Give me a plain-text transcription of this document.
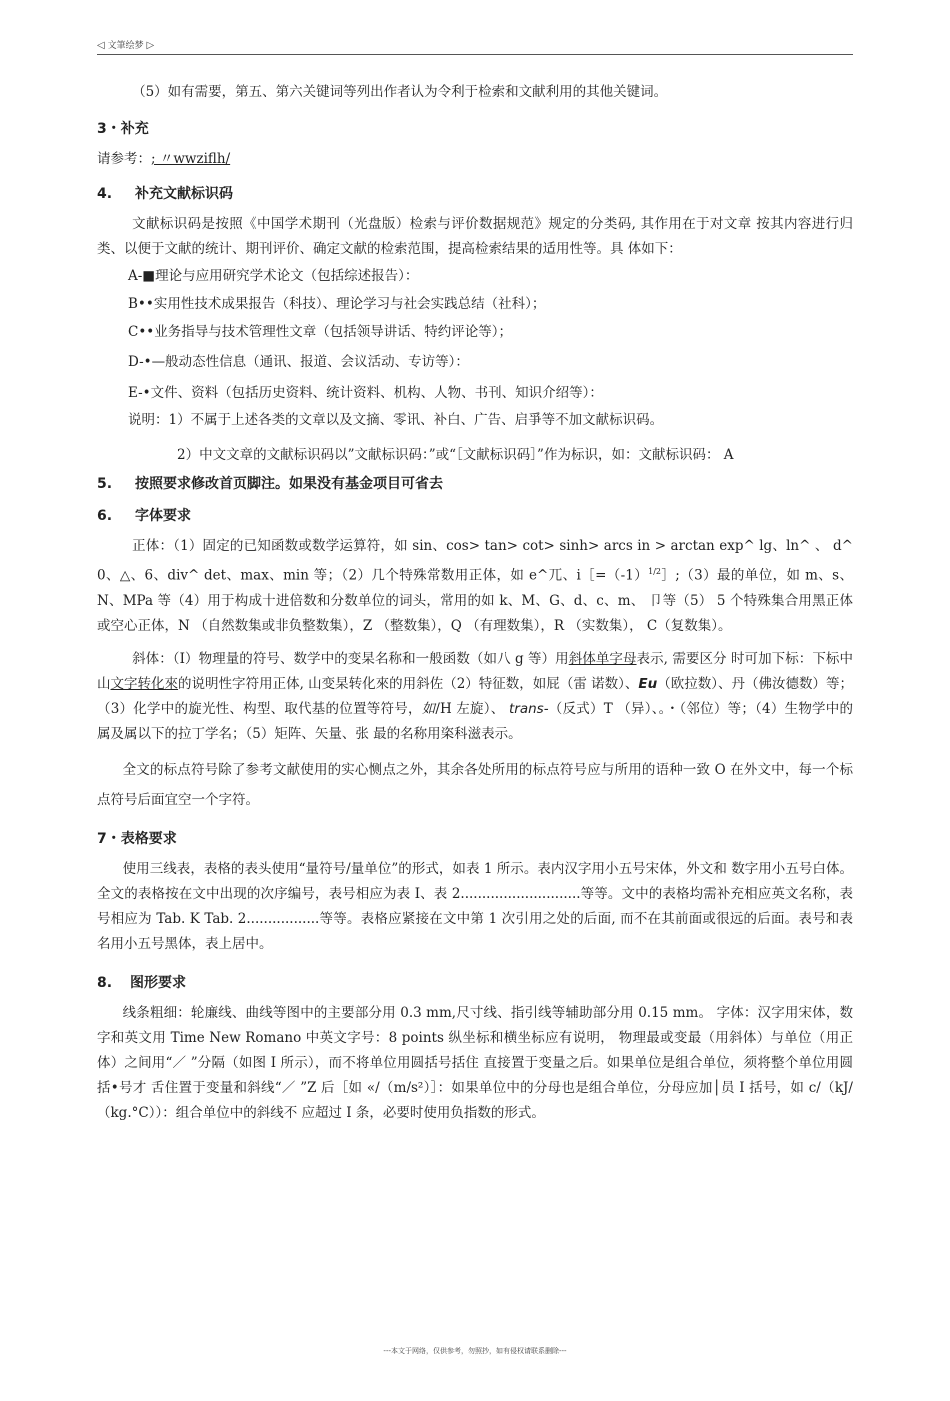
◁ 文筆绘梦 ▷

（5）如有需要，第五、第六关键词等列出作者认为令利于检索和文献利用的其他关键词。

3・补充

请参考：; 〃wwziflh/

4. 补充文献标识码

文献标识码是按照《中国学术期刊（光盘版）检索与评价数据规范》规定的分类码, 其作用在于对文章 按其内容进行归类、以便于文献的统计、期刊评价、确定文献的检索范围，提高检索结果的适用性等。具 体如下：

A-■理论与应用研究学术论文（包括综述报告）：

B••实用性技术成果报告（科技）、理论学习与社会实践总结（社科）；

C••业务指导与技术管理性文章（包括领导讲话、特约评论等）；

D-•—般动态性信息（通讯、报道、会议活动、专访等）：

E-•文件、资料（包括历史资料、统计资料、机构、人物、书刊、知识介绍等）：

说明：1）不属于上述各类的文章以及文摘、零讯、补白、广告、启爭等不加文献标识码。

2）中文文章的文献标识码以”文献标识码：”或“［文献标识码］”作为标识，如：文献标识码： A

5. 按照要求修改首页脚注。如果没有基金项目可省去
6. 字体要求

正体：（1）固定的已知函数或数学运算符，如 sin、cos> tan> cot> sinh> arcs in > arctan exp^ lg、ln^ 、 d^ 0、△、6、div^ det、max、min 等；（2）几个特殊常数用正体，如 e^兀、$i[=(-1)^{1/2}];(3)$最的单位，如 m、s、N、MPa 等（4）用于构成十进倍数和分数单位的词头，常用的如 k、M、G、d、c、m、 卩等（5） 5 个特殊集合用黑正体或空心正体，N （自然数集或非负整数集），Z （整数集），Q （有理数集），R （实数集）， C（复数集）。

斜体：（I）物理量的符号、数学中的变杲名称和一般函数（如八 g 等）用斜体单字母表示, 需要区分 时可加下标：下标中山文字转化來的说明性字符用正体, 山变杲转化來的用斜佐（2）特征数，如屁（雷 诺数）、Eu（欧拉数）、丹（佛汝德数）等；（3）化学中的旋光性、构型、取代基的位置等符号，如/H 左旋）、 trans-（反式）T （异）、。・（邻位）等；（4）生物学中的属及属以下的拉丁学名；（5）矩阵、矢量、张 最的名称用栥科滋表示。

全文的标点符号除了参考文献使用的实心恻点之外，其余各处所用的标点符号应与所用的语种一致 O 在外文中，每一个标点符号后面宜空一个字符。

7・表格要求

使用三线表，表格的表头使用“量符号/量单位”的形式，如表 1 所示。表内汉字用小五号宋体，外文和 数字用小五号白体。全文的表格按在文中出现的次序编号，表号相应为表 I、表 2............................等等。文中的表格均需补充相应英文名称，表号相应为 Tab. K Tab. 2.................等等。表格应紧接在文中第 1 次引用之处的后面, 而不在其前面或很远的后面。表号和表名用小五号黑体，表上居中。

8. 图形要求

线条粗细：轮廉线、曲线等图中的主要部分用 0.3 mm,尺寸线、指引线等辅助部分用 0.15 mm。 字体：汉字用宋体，数字和英文用 Time New Romano 中英文字号：8 points 纵坐标和横坐标应有说明， 物理最或变最（用斜体）与单位（用正体）之间用“／ ”分隔（如图 I 所示），而不将单位用圆括号括住 直接置于变量之后。如果单位是组合单位，须将整个单位用圆括•号才 舌住置于变量和斜线“／ ”Z 后［如 «/（m/s²）］：如果单位中的分母也是组合单位，分母应加│员 I 括号，如 c/（kJ/（kg.°C））：组合单位中的斜线不 应超过 I 条，必要时使用负指数的形式。

---本文于网络，仅供参考，勿照抄，如有侵权请联系删除---
